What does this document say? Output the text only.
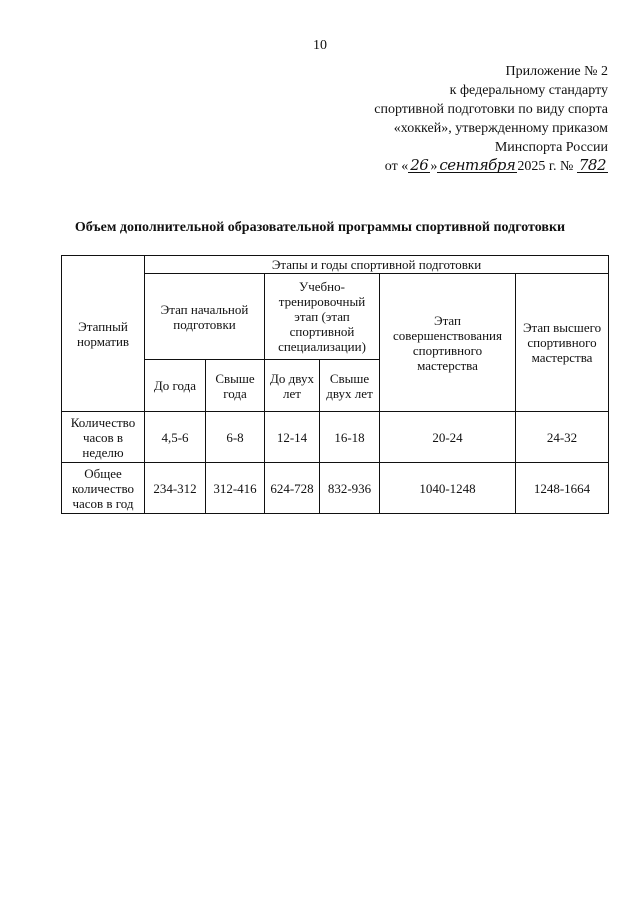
10
Приложение № 2
к федеральному стандарту
спортивной подготовки по виду спорта
«хоккей», утвержденному приказом
Минспорта России
от « 26 » сентября 2025 г. № 782
Объем дополнительной образовательной программы спортивной подготовки
Этапный норматив	Этапы и годы спортивной подготовки					
	Этап начальной подготовки		Учебно-тренировочный этап (этап спортивной специализации)		Этап совершенствования спортивного мастерства	Этап высшего спортивного мастерства
	До года	Свыше года	До двух лет	Свыше двух лет		
Количество часов в неделю	4,5-6	6-8	12-14	16-18	20-24	24-32
Общее количество часов в год	234-312	312-416	624-728	832-936	1040-1248	1248-1664
